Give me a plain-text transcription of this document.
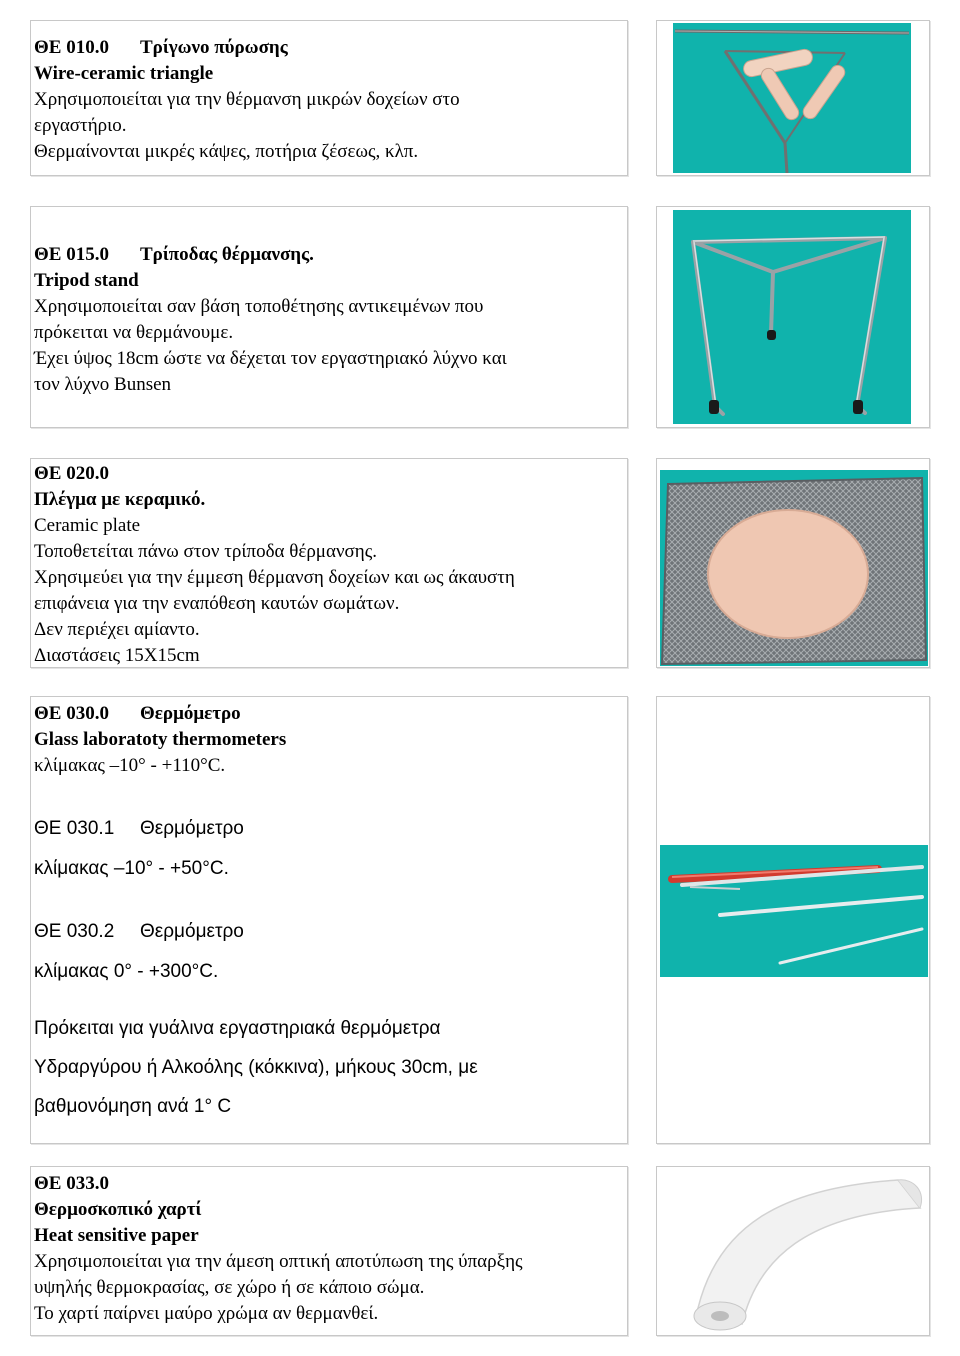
ΘΕ 010.0 Τρίγωνο πύρωσης
Wire-ceramic triangle
Χρησιμοποιείται για την θέρμανση μικρών δοχείων στο
εργαστήριο.
Θερμαίνονται μικρές κάψες, ποτήρια ζέσεως, κλπ.
ΘΕ 015.0 Τρίποδας θέρμανσης.
Tripod stand
Χρησιμοποιείται σαν βάση τοποθέτησης αντικειμένων που
πρόκειται να θερμάνουμε.
Έχει ύψος 18cm ώστε να δέχεται τον εργαστηριακό λύχνο και
τον λύχνο Bunsen
ΘΕ 020.0
Πλέγμα με κεραμικό.
Ceramic plate
Τοποθετείται πάνω στον τρίποδα θέρμανσης.
Χρησιμεύει για την έμμεση θέρμανση δοχείων και ως άκαυστη
επιφάνεια για την εναπόθεση καυτών σωμάτων.
Δεν περιέχει αμίαντο.
Διαστάσεις 15X15cm
ΘΕ 030.0 Θερμόμετρο
Glass laboratoty thermometers
κλίμακας –10° - +110°C.
ΘΕ 030.1 Θερμόμετρο
κλίμακας –10° - +50°C.
ΘΕ 030.2 Θερμόμετρο
κλίμακας 0° - +300°C.
Πρόκειται για γυάλινα εργαστηριακά θερμόμετρα
Υδραργύρου ή Αλκοόλης (κόκκινα), μήκους 30cm, με
βαθμονόμηση ανά 1° C
ΘΕ 033.0
Θερμοσκοπικό χαρτί
Heat sensitive paper
Χρησιμοποιείται για την άμεση οπτική αποτύπωση της ύπαρξης
υψηλής θερμοκρασίας, σε χώρο ή σε κάποιο σώμα.
Το χαρτί παίρνει μαύρο χρώμα αν θερμανθεί.
